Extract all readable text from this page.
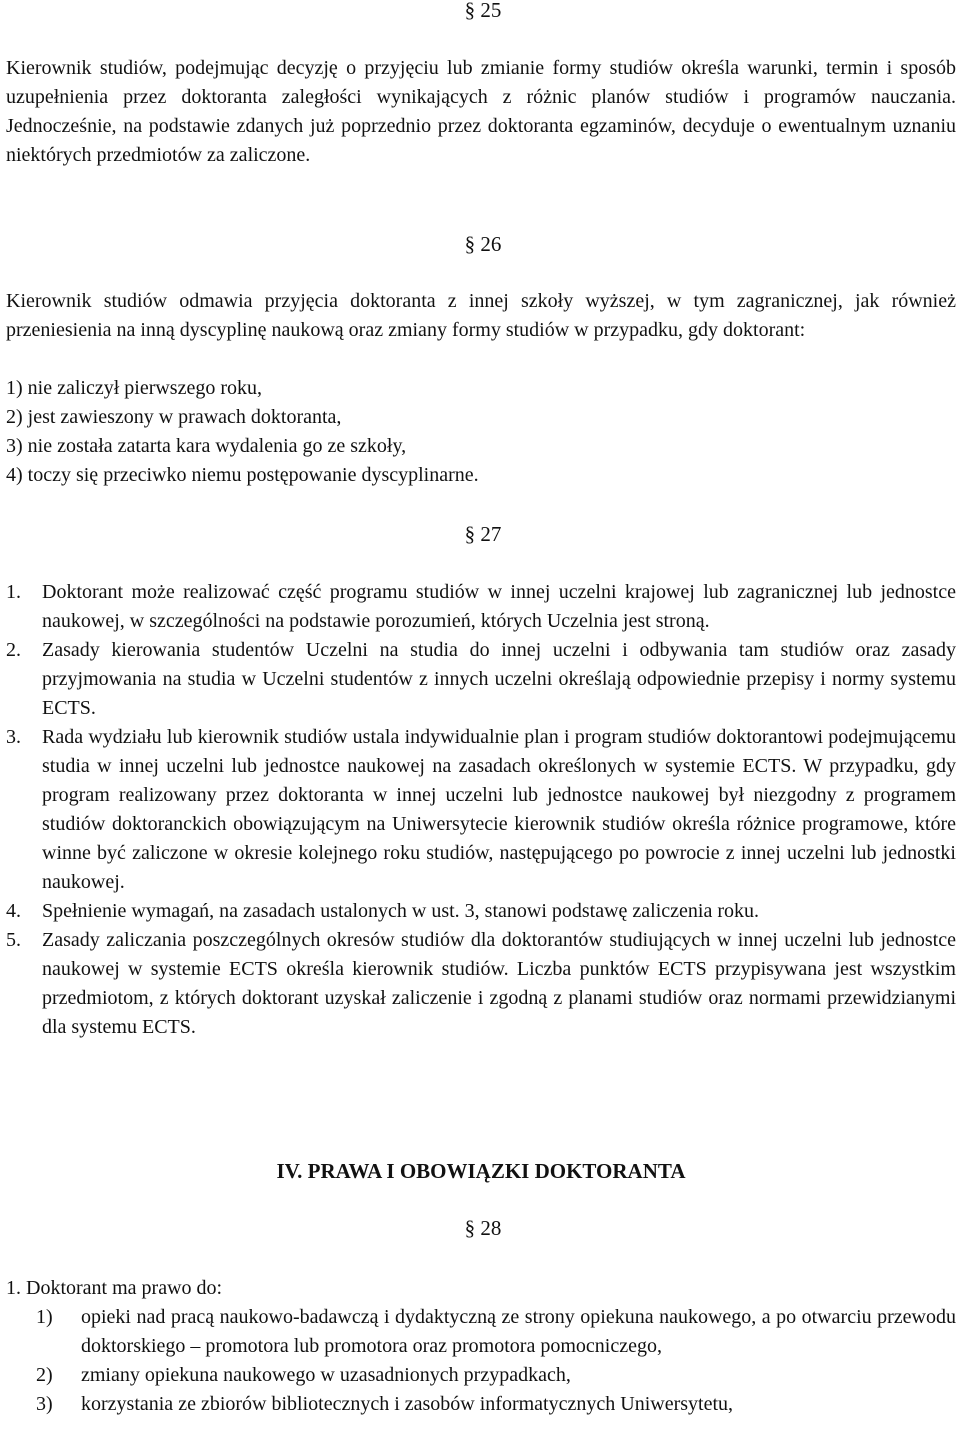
§ 25

Kierownik studiów, podejmując decyzję o przyjęciu lub zmianie formy studiów określa warunki, termin i sposób uzupełnienia przez doktoranta zaległości wynikających z różnic planów studiów i programów nauczania. Jednocześnie, na podstawie zdanych już poprzednio przez doktoranta egzaminów, decyduje o ewentualnym uznaniu niektórych przedmiotów za zaliczone.

§ 26

Kierownik studiów odmawia przyjęcia doktoranta z innej szkoły wyższej, w tym zagranicznej, jak również przeniesienia na inną dyscyplinę naukową oraz zmiany formy studiów w przypadku, gdy doktorant:

1) nie zaliczył pierwszego roku,
2) jest zawieszony w prawach doktoranta,
3) nie została zatarta kara wydalenia go ze szkoły,
4) toczy się przeciwko niemu postępowanie dyscyplinarne.
§ 27
1.	Doktorant może realizować część programu studiów w innej uczelni krajowej lub zagranicznej lub jednostce naukowej, w szczególności na podstawie porozumień, których Uczelnia jest stroną.
2.	Zasady kierowania studentów Uczelni na studia do innej uczelni i odbywania tam studiów oraz zasady przyjmowania na studia w Uczelni studentów z innych uczelni określają odpowiednie przepisy i normy systemu ECTS.
3.	Rada wydziału lub kierownik studiów ustala indywidualnie plan i program studiów doktorantowi podejmującemu studia w innej uczelni lub jednostce naukowej na zasadach określonych w systemie ECTS. W przypadku, gdy program realizowany przez doktoranta w innej uczelni lub jednostce naukowej był niezgodny z programem studiów doktoranckich obowiązującym na Uniwersytecie kierownik studiów określa różnice programowe, które winne być zaliczone w okresie kolejnego roku studiów, następującego po powrocie z innej uczelni lub jednostki naukowej.
4.	Spełnienie wymagań, na zasadach ustalonych w ust. 3, stanowi podstawę zaliczenia roku.
5.	Zasady zaliczania poszczególnych okresów studiów dla doktorantów studiujących w innej uczelni lub jednostce naukowej w systemie ECTS określa kierownik studiów. Liczba punktów ECTS przypisywana jest wszystkim przedmiotom, z których doktorant uzyskał zaliczenie i zgodną z planami studiów oraz normami przewidzianymi dla systemu ECTS.
IV. PRAWA I OBOWIĄZKI DOKTORANTA
§ 28

1. Doktorant ma prawo do:

1)	opieki nad pracą naukowo-badawczą i dydaktyczną ze strony opiekuna naukowego, a po otwarciu przewodu doktorskiego – promotora lub promotora oraz promotora pomocniczego,
2)	zmiany opiekuna naukowego w uzasadnionych przypadkach,
3)	korzystania ze zbiorów bibliotecznych i zasobów informatycznych Uniwersytetu,
